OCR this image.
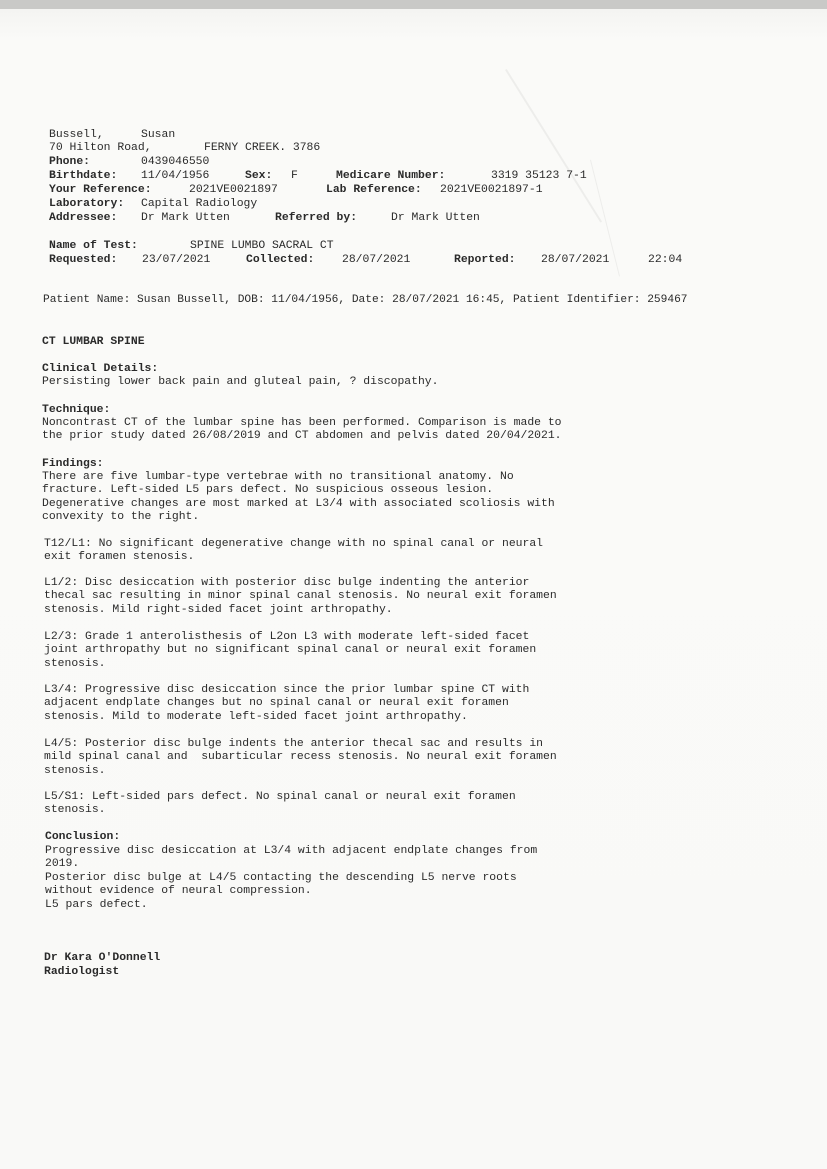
Bussell,	Susan
70 Hilton Road,	FERNY CREEK. 3786
Phone:	0439046550
Birthdate: 11/04/1956	Sex: F	Medicare Number:	3319 35123 7-1
Your Reference:	2021VE0021897	Lab Reference: 2021VE0021897-1
Laboratory: Capital Radiology
Addressee: Dr Mark Utten	Referred by:	Dr Mark Utten
Name of Test:	SPINE LUMBO SACRAL CT
Requested: 23/07/2021	Collected: 28/07/2021	Reported: 28/07/2021	22:04
Patient Name: Susan Bussell, DOB: 11/04/1956, Date: 28/07/2021 16:45, Patient Identifier: 259467
CT LUMBAR SPINE
Clinical Details:
Persisting lower back pain and gluteal pain, ? discopathy.
Technique:
Noncontrast CT of the lumbar spine has been performed. Comparison is made to
the prior study dated 26/08/2019 and CT abdomen and pelvis dated 20/04/2021.
Findings:
There are five lumbar-type vertebrae with no transitional anatomy. No
fracture. Left-sided L5 pars defect. No suspicious osseous lesion.
Degenerative changes are most marked at L3/4 with associated scoliosis with
convexity to the right.
T12/L1: No significant degenerative change with no spinal canal or neural
exit foramen stenosis.
L1/2: Disc desiccation with posterior disc bulge indenting the anterior
thecal sac resulting in minor spinal canal stenosis. No neural exit foramen
stenosis. Mild right-sided facet joint arthropathy.
L2/3: Grade 1 anterolisthesis of L2on L3 with moderate left-sided facet
joint arthropathy but no significant spinal canal or neural exit foramen
stenosis.
L3/4: Progressive disc desiccation since the prior lumbar spine CT with
adjacent endplate changes but no spinal canal or neural exit foramen
stenosis. Mild to moderate left-sided facet joint arthropathy.
L4/5: Posterior disc bulge indents the anterior thecal sac and results in
mild spinal canal and  subarticular recess stenosis. No neural exit foramen
stenosis.
L5/S1: Left-sided pars defect. No spinal canal or neural exit foramen
stenosis.
Conclusion:
Progressive disc desiccation at L3/4 with adjacent endplate changes from
2019.
Posterior disc bulge at L4/5 contacting the descending L5 nerve roots
without evidence of neural compression.
L5 pars defect.
Dr Kara O'Donnell
Radiologist
